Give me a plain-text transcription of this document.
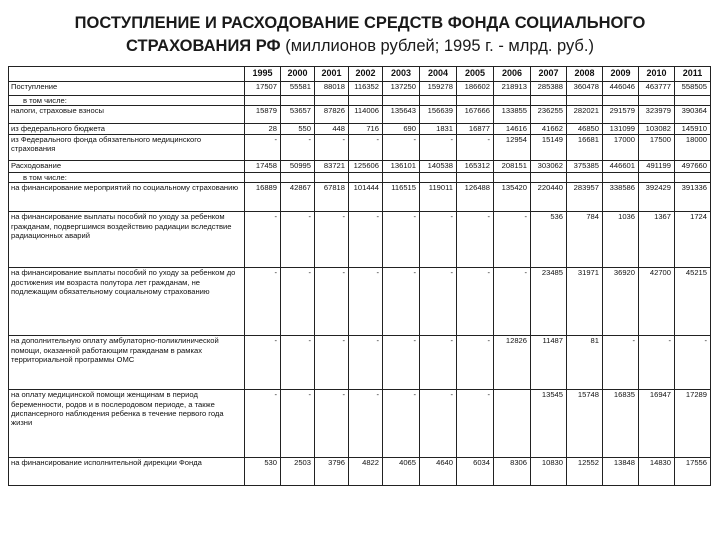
ПОСТУПЛЕНИЕ И РАСХОДОВАНИЕ СРЕДСТВ ФОНДА СОЦИАЛЬНОГО
СТРАХОВАНИЯ РФ (миллионов рублей; 1995 г. - млрд. руб.)
	1995	2000	2001	2002	2003	2004	2005	2006	2007	2008	2009	2010	2011
Поступление	17507	55581	88018	116352	137250	159278	186602	218913	285388	360478	446046	463777	558505
в том числе:													
налоги, страховые взносы	15879	53657	87826	114006	135643	156639	167666	133855	236255	282021	291579	323979	390364
из федерального бюджета	28	550	448	716	690	1831	16877	14616	41662	46850	131099	103082	145910
из Федерального фонда обязательного медицинского страхования	-	-	-	-	-	-	-	12954	15149	16681	17000	17500	18000
Расходование	17458	50995	83721	125606	136101	140538	165312	208151	303062	375385	446601	491199	497660
в том числе:													
на финансирование мероприятий по социальному страхованию	16889	42867	67818	101444	116515	119011	126488	135420	220440	283957	338586	392429	391336
на финансирование выплаты пособий по уходу за ребенком гражданам, подвергшимся воздействию радиации вследствие радиационных аварий	-	-	-	-	-	-	-	-	536	784	1036	1367	1724
на финансирование выплаты пособий по уходу за ребенком до достижения им возраста полутора лет гражданам, не подлежащим обязательному социальному страхованию	-	-	-	-	-	-	-	-	23485	31971	36920	42700	45215
на дополнительную оплату амбулаторно-поликлинической помощи, оказанной работающим гражданам в рамках территориальной программы ОМС	-	-	-	-	-	-	-	12826	11487	81	-	-	-
на оплату медицинской помощи женщинам в период беременности, родов и в послеродовом периоде, а также диспансерного наблюдения ребенка в течение первого года жизни	-	-	-	-	-	-	-		13545	15748	16835	16947	17289
на финансирование исполнительной дирекции Фонда	530	2503	3796	4822	4065	4640	6034	8306	10830	12552	13848	14830	17556
